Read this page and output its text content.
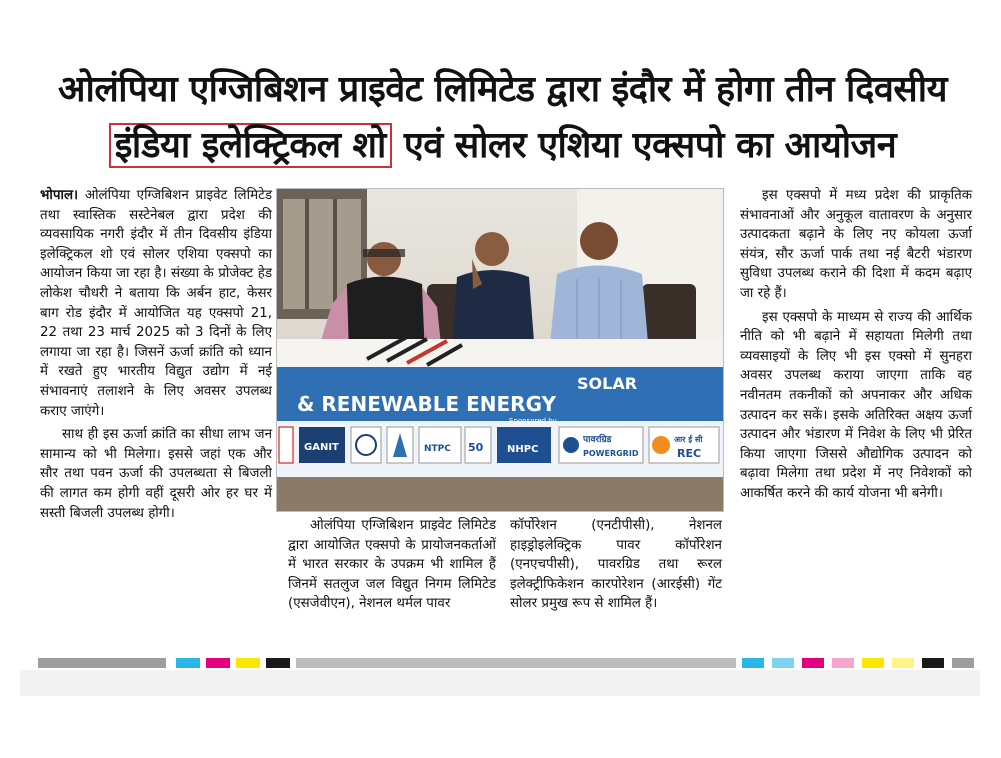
ओलंपिया एग्जिबिशन प्राइवेट लिमिटेड द्वारा इंदौर में होगा तीन दिवसीय
इंडिया इलेक्ट्रिकल शो एवं सोलर एशिया एक्सपो का आयोजन

भोपाल। ओलंपिया एग्जिबिशन प्राइवेट लिमिटेड तथा स्वास्तिक सस्टेनेबल द्वारा प्रदेश की व्यवसायिक नगरी इंदौर में तीन दिवसीय इंडिया इलेक्ट्रिकल शो एवं सोलर एशिया एक्सपो का आयोजन किया जा रहा है। संख्या के प्रोजेक्ट हेड लोकेश चौधरी ने बताया कि अर्बन हाट, केसर बाग रोड इंदौर में आयोजित यह एक्सपो 21, 22 तथा 23 मार्च 2025 को 3 दिनों के लिए लगाया जा रहा है। जिसनें ऊर्जा क्रांति को ध्यान में रखते हुए भारतीय विद्युत उद्योग में नई संभावनाएं तलाशने के लिए अवसर उपलब्ध कराए जाएंगे।

साथ ही इस ऊर्जा क्रांति का सीधा लाभ जन सामान्य को भी मिलेगा। इससे जहां एक और सौर तथा पवन ऊर्जा की उपलब्धता से बिजली की लागत कम होगी वहीं दूसरी ओर हर घर में सस्ती बिजली उपलब्ध होगी।

& RENEWABLE ENERGY
SOLAR
Sponsored by
GANIT	NTPC 50 NHPC
पावरग्रिड
POWERGRID
आर ई सी
REC

ओलंपिया एग्जिबिशन प्राइवेट लिमिटेड द्वारा आयोजित एक्सपो के प्रायोजनकर्ताओं में भारत सरकार के उपक्रम भी शामिल हैं जिनमें सतलुज जल विद्युत निगम लिमिटेड (एसजेवीएन), नेशनल थर्मल पावर

कॉर्पोरेशन (एनटीपीसी), नेशनल हाइड्रोइलेक्ट्रिक पावर कॉर्पोरेशन (एनएचपीसी), पावरग्रिड तथा रूरल इलेक्ट्रीफिकेशन कारपोरेशन (आरईसी) गेंट सोलर प्रमुख रूप से शामिल हैं।

इस एक्सपो में मध्य प्रदेश की प्राकृतिक संभावनाओं और अनुकूल वातावरण के अनुसार उत्पादकता बढ़ाने के लिए नए कोयला ऊर्जा संयंत्र, सौर ऊर्जा पार्क तथा नई बैटरी भंडारण सुविधा उपलब्ध कराने की दिशा में कदम बढ़ाए जा रहे हैं।

इस एक्सपो के माध्यम से राज्य की आर्थिक नीति को भी बढ़ाने में सहायता मिलेगी तथा व्यवसाइयों के लिए भी इस एक्सो में सुनहरा अवसर उपलब्ध कराया जाएगा ताकि वह नवीनतम तकनीकों को अपनाकर और अधिक उत्पादन कर सकें। इसके अतिरिक्त अक्षय ऊर्जा उत्पादन और भंडारण में निवेश के लिए भी प्रेरित किया जाएगा जिससे औद्योगिक उत्पादन को बढ़ावा मिलेगा तथा प्रदेश में नए निवेशकों को आकर्षित करने की कार्य योजना भी बनेगी।
